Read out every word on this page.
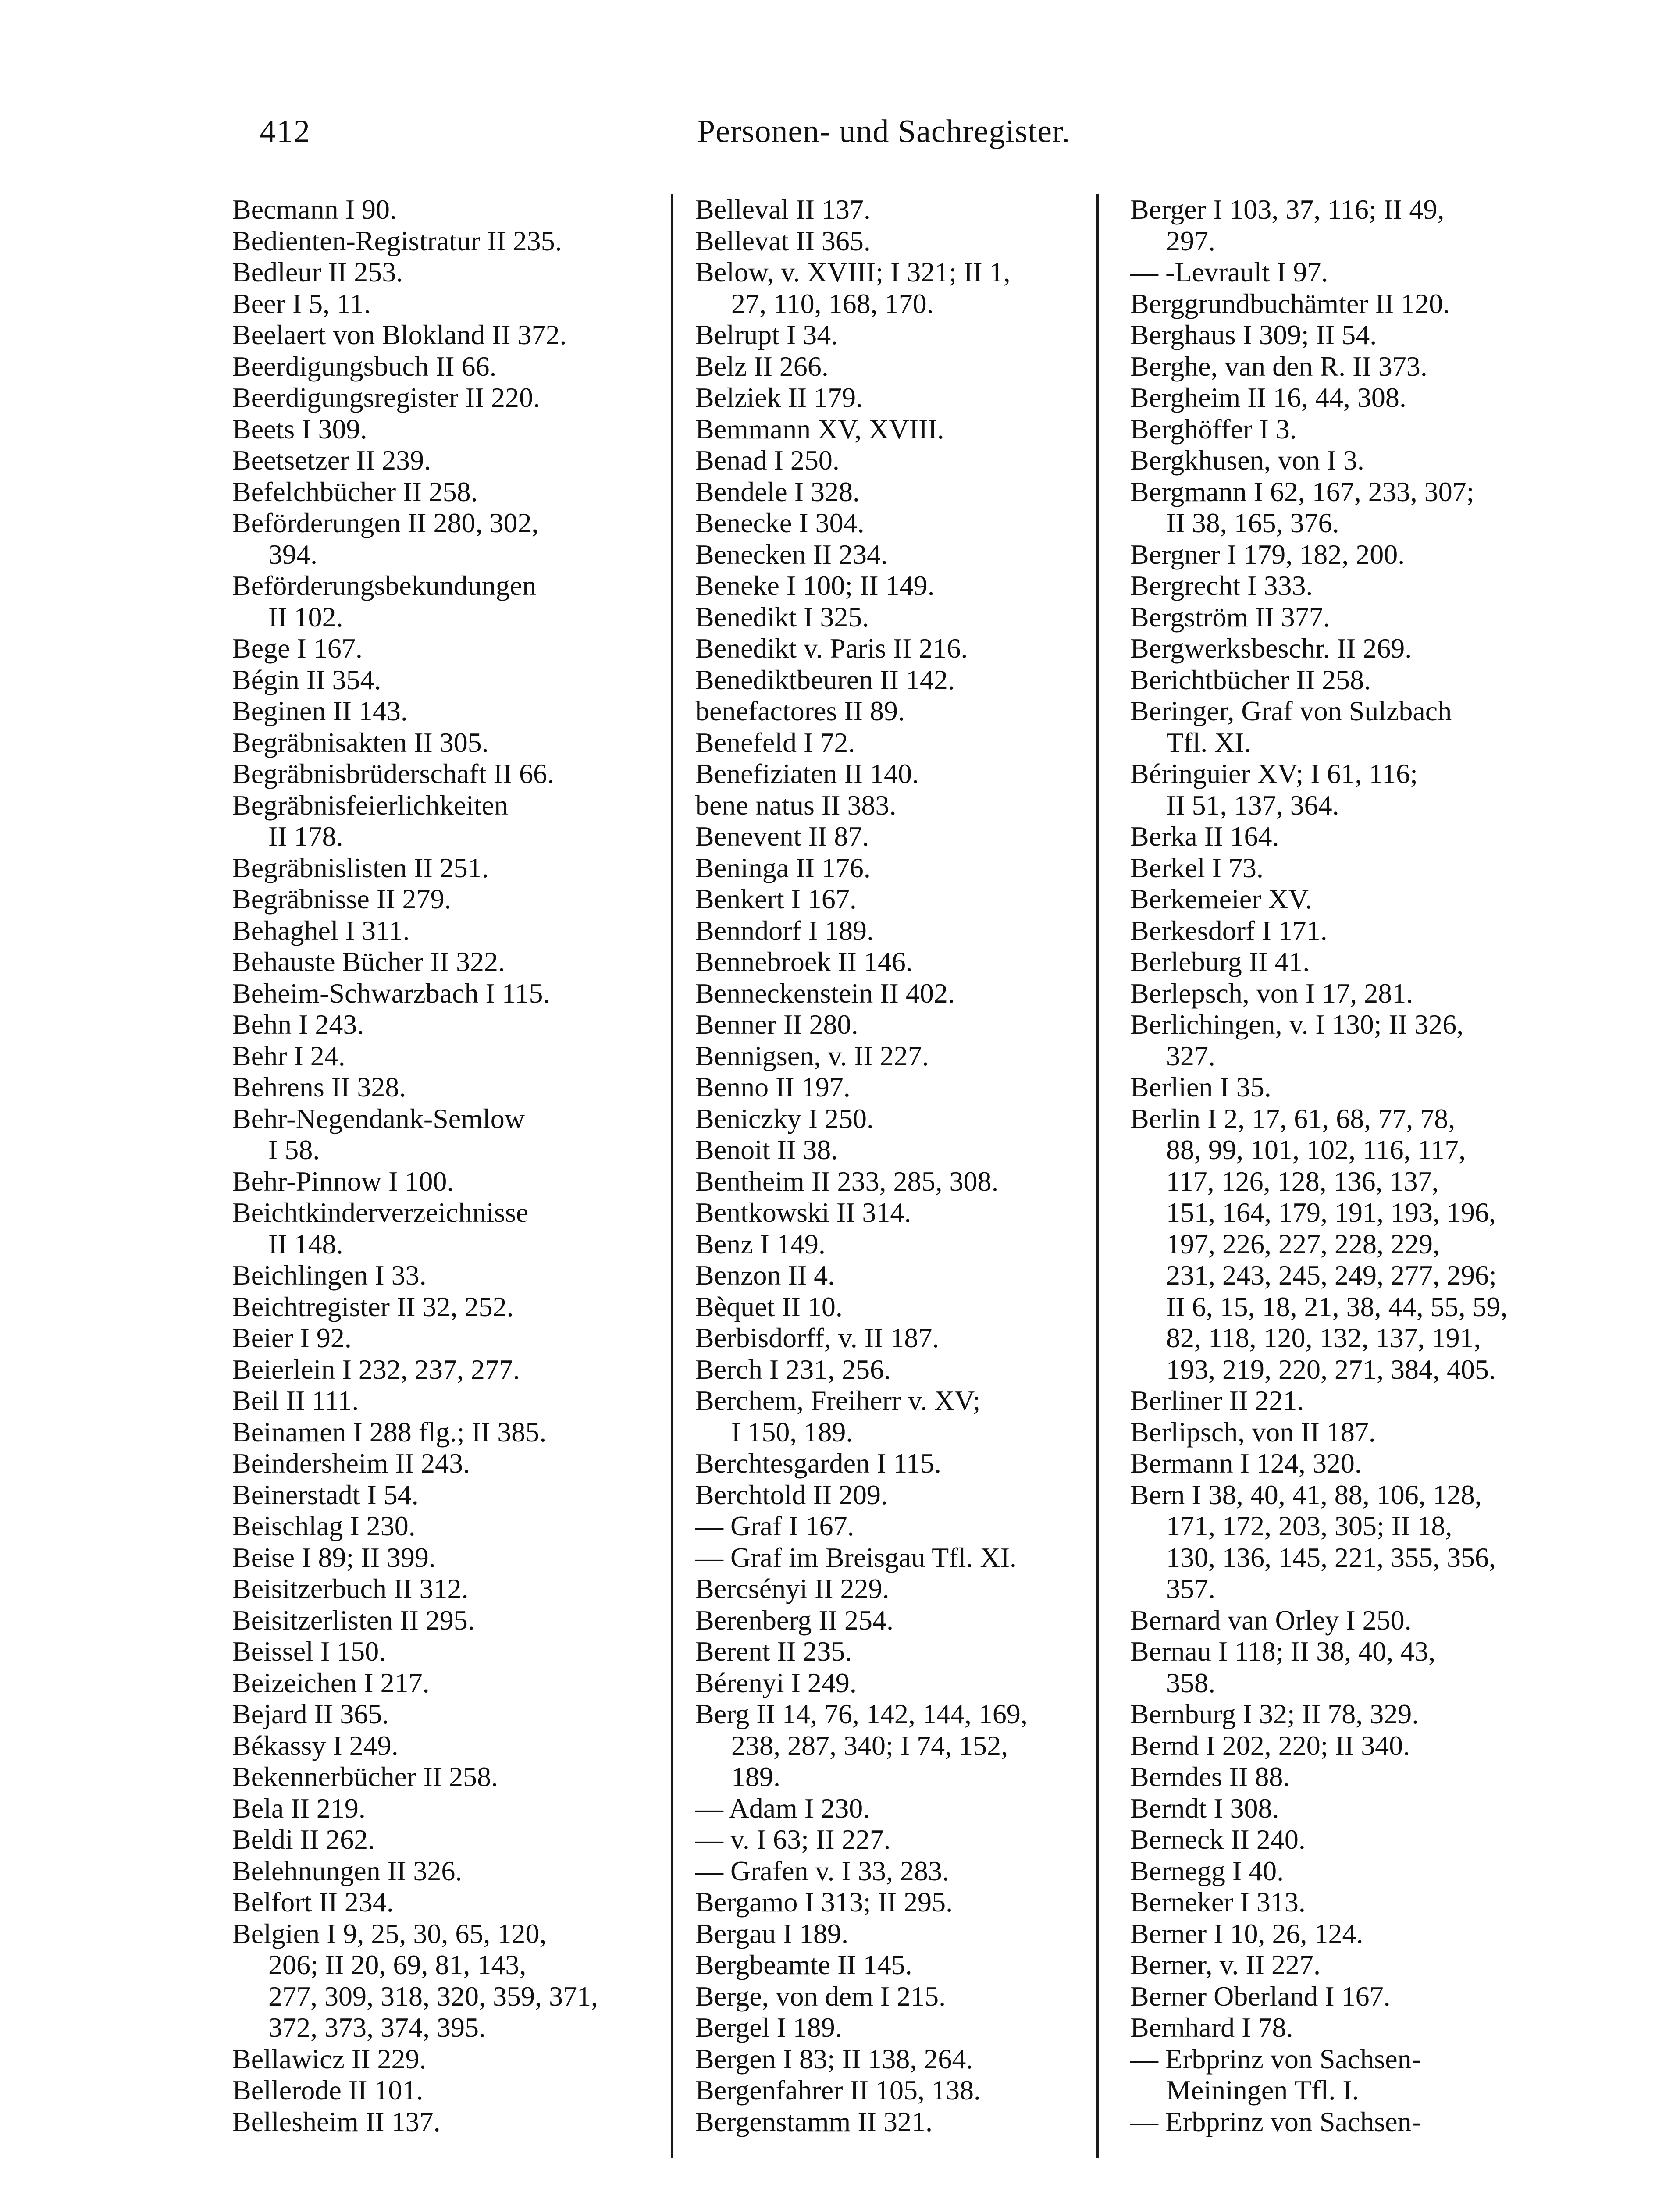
412	Personen- und Sachregister.
Becmann I 90.
Bedienten-Registratur II 235.
Bedleur II 253.
Beer I 5, 11.
Beelaert von Blokland II 372.
Beerdigungsbuch II 66.
Beerdigungsregister II 220.
Beets I 309.
Beetsetzer II 239.
Befelchbücher II 258.
Beförderungen II 280, 302,
394.
Beförderungsbekundungen
II 102.
Bege I 167.
Bégin II 354.
Beginen II 143.
Begräbnisakten II 305.
Begräbnisbrüderschaft II 66.
Begräbnisfeierlichkeiten
II 178.
Begräbnislisten II 251.
Begräbnisse II 279.
Behaghel I 311.
Behauste Bücher II 322.
Beheim-Schwarzbach I 115.
Behn I 243.
Behr I 24.
Behrens II 328.
Behr-Negendank-Semlow
I 58.
Behr-Pinnow I 100.
Beichtkinderverzeichnisse
II 148.
Beichlingen I 33.
Beichtregister II 32, 252.
Beier I 92.
Beierlein I 232, 237, 277.
Beil II 111.
Beinamen I 288 flg.; II 385.
Beindersheim II 243.
Beinerstadt I 54.
Beischlag I 230.
Beise I 89; II 399.
Beisitzerbuch II 312.
Beisitzerlisten II 295.
Beissel I 150.
Beizeichen I 217.
Bejard II 365.
Békassy I 249.
Bekennerbücher II 258.
Bela II 219.
Beldi II 262.
Belehnungen II 326.
Belfort II 234.
Belgien I 9, 25, 30, 65, 120,
206; II 20, 69, 81, 143,
277, 309, 318, 320, 359, 371,
372, 373, 374, 395.
Bellawicz II 229.
Bellerode II 101.
Bellesheim II 137.
Belleval II 137.
Bellevat II 365.
Below, v. XVIII; I 321; II 1,
27, 110, 168, 170.
Belrupt I 34.
Belz II 266.
Belziek II 179.
Bemmann XV, XVIII.
Benad I 250.
Bendele I 328.
Benecke I 304.
Benecken II 234.
Beneke I 100; II 149.
Benedikt I 325.
Benedikt v. Paris II 216.
Benediktbeuren II 142.
benefactores II 89.
Benefeld I 72.
Benefiziaten II 140.
bene natus II 383.
Benevent II 87.
Beninga II 176.
Benkert I 167.
Benndorf I 189.
Bennebroek II 146.
Benneckenstein II 402.
Benner II 280.
Bennigsen, v. II 227.
Benno II 197.
Beniczky I 250.
Benoit II 38.
Bentheim II 233, 285, 308.
Bentkowski II 314.
Benz I 149.
Benzon II 4.
Bèquet II 10.
Berbisdorff, v. II 187.
Berch I 231, 256.
Berchem, Freiherr v. XV;
I 150, 189.
Berchtesgarden I 115.
Berchtold II 209.
— Graf I 167.
— Graf im Breisgau Tfl. XI.
Bercsényi II 229.
Berenberg II 254.
Berent II 235.
Bérenyi I 249.
Berg II 14, 76, 142, 144, 169,
238, 287, 340; I 74, 152,
189.
— Adam I 230.
— v. I 63; II 227.
— Grafen v. I 33, 283.
Bergamo I 313; II 295.
Bergau I 189.
Bergbeamte II 145.
Berge, von dem I 215.
Bergel I 189.
Bergen I 83; II 138, 264.
Bergenfahrer II 105, 138.
Bergenstamm II 321.
Berger I 103, 37, 116; II 49,
297.
— -Levrault I 97.
Berggrundbuchämter II 120.
Berghaus I 309; II 54.
Berghe, van den R. II 373.
Bergheim II 16, 44, 308.
Berghöffer I 3.
Bergkhusen, von I 3.
Bergmann I 62, 167, 233, 307;
II 38, 165, 376.
Bergner I 179, 182, 200.
Bergrecht I 333.
Bergström II 377.
Bergwerksbeschr. II 269.
Berichtbücher II 258.
Beringer, Graf von Sulzbach
Tfl. XI.
Béringuier XV; I 61, 116;
II 51, 137, 364.
Berka II 164.
Berkel I 73.
Berkemeier XV.
Berkesdorf I 171.
Berleburg II 41.
Berlepsch, von I 17, 281.
Berlichingen, v. I 130; II 326,
327.
Berlien I 35.
Berlin I 2, 17, 61, 68, 77, 78,
88, 99, 101, 102, 116, 117,
117, 126, 128, 136, 137,
151, 164, 179, 191, 193, 196,
197, 226, 227, 228, 229,
231, 243, 245, 249, 277, 296;
II 6, 15, 18, 21, 38, 44, 55, 59,
82, 118, 120, 132, 137, 191,
193, 219, 220, 271, 384, 405.
Berliner II 221.
Berlipsch, von II 187.
Bermann I 124, 320.
Bern I 38, 40, 41, 88, 106, 128,
171, 172, 203, 305; II 18,
130, 136, 145, 221, 355, 356,
357.
Bernard van Orley I 250.
Bernau I 118; II 38, 40, 43,
358.
Bernburg I 32; II 78, 329.
Bernd I 202, 220; II 340.
Berndes II 88.
Berndt I 308.
Berneck II 240.
Bernegg I 40.
Berneker I 313.
Berner I 10, 26, 124.
Berner, v. II 227.
Berner Oberland I 167.
Bernhard I 78.
— Erbprinz von Sachsen-
Meiningen Tfl. I.
— Erbprinz von Sachsen-
